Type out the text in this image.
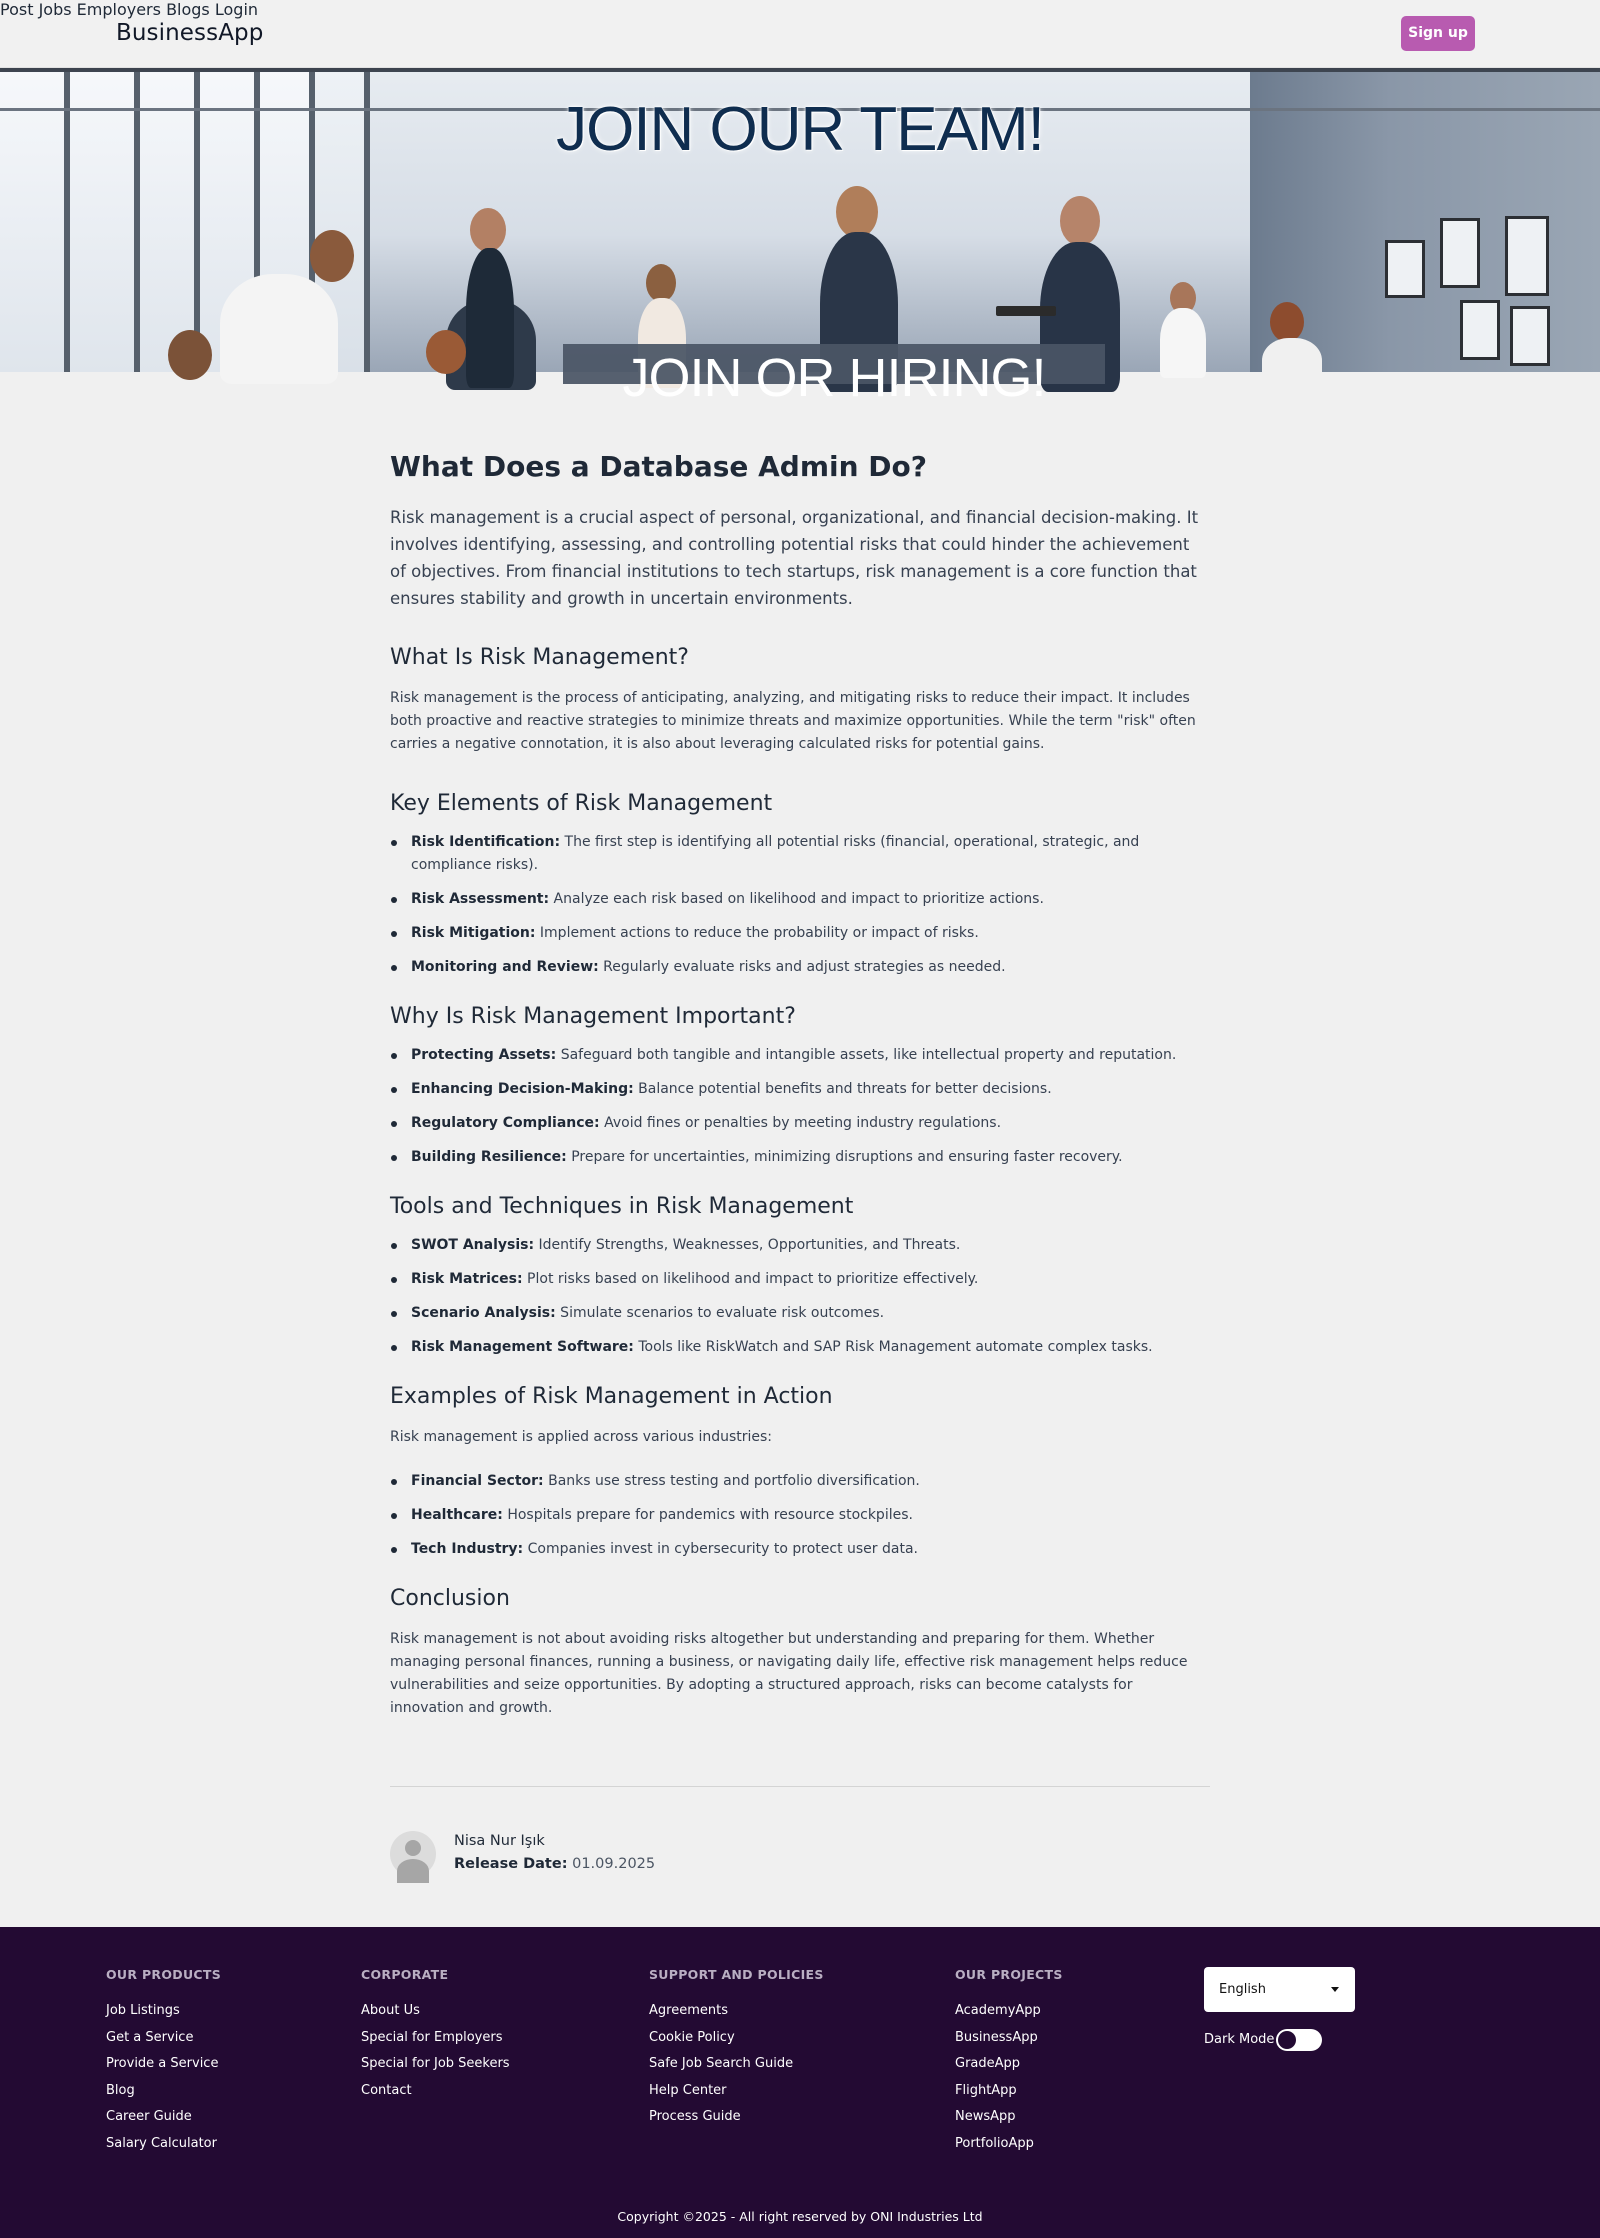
BusinessApp
Post Jobs Employers Blogs Login
Sign up
JOIN OUR TEAM!
JOIN OR HIRING!
What Does a Database Admin Do?

Risk management is a crucial aspect of personal, organizational, and financial decision-making. It involves identifying, assessing, and controlling potential risks that could hinder the achievement of objectives. From financial institutions to tech startups, risk management is a core function that ensures stability and growth in uncertain environments.

What Is Risk Management?

Risk management is the process of anticipating, analyzing, and mitigating risks to reduce their impact. It includes both proactive and reactive strategies to minimize threats and maximize opportunities. While the term "risk" often carries a negative connotation, it is also about leveraging calculated risks for potential gains.

Key Elements of Risk Management
Risk Identification: The first step is identifying all potential risks (financial, operational, strategic, and compliance risks).
Risk Assessment: Analyze each risk based on likelihood and impact to prioritize actions.
Risk Mitigation: Implement actions to reduce the probability or impact of risks.
Monitoring and Review: Regularly evaluate risks and adjust strategies as needed.
Why Is Risk Management Important?
Protecting Assets: Safeguard both tangible and intangible assets, like intellectual property and reputation.
Enhancing Decision-Making: Balance potential benefits and threats for better decisions.
Regulatory Compliance: Avoid fines or penalties by meeting industry regulations.
Building Resilience: Prepare for uncertainties, minimizing disruptions and ensuring faster recovery.
Tools and Techniques in Risk Management
SWOT Analysis: Identify Strengths, Weaknesses, Opportunities, and Threats.
Risk Matrices: Plot risks based on likelihood and impact to prioritize effectively.
Scenario Analysis: Simulate scenarios to evaluate risk outcomes.
Risk Management Software: Tools like RiskWatch and SAP Risk Management automate complex tasks.
Examples of Risk Management in Action

Risk management is applied across various industries:

Financial Sector: Banks use stress testing and portfolio diversification.
Healthcare: Hospitals prepare for pandemics with resource stockpiles.
Tech Industry: Companies invest in cybersecurity to protect user data.
Conclusion

Risk management is not about avoiding risks altogether but understanding and preparing for them. Whether managing personal finances, running a business, or navigating daily life, effective risk management helps reduce vulnerabilities and seize opportunities. By adopting a structured approach, risks can become catalysts for innovation and growth.

Nisa Nur Işık
Release Date: 01.09.2025
OUR PRODUCTS
Job Listings
Get a Service
Provide a Service
Blog
Career Guide
Salary Calculator
CORPORATE
About Us
Special for Employers
Special for Job Seekers
Contact
SUPPORT AND POLICIES
Agreements
Cookie Policy
Safe Job Search Guide
Help Center
Process Guide
OUR PROJECTS
AcademyApp
BusinessApp
GradeApp
FlightApp
NewsApp
PortfolioApp
English
Dark Mode
Copyright ©2025 - All right reserved by ONI Industries Ltd
